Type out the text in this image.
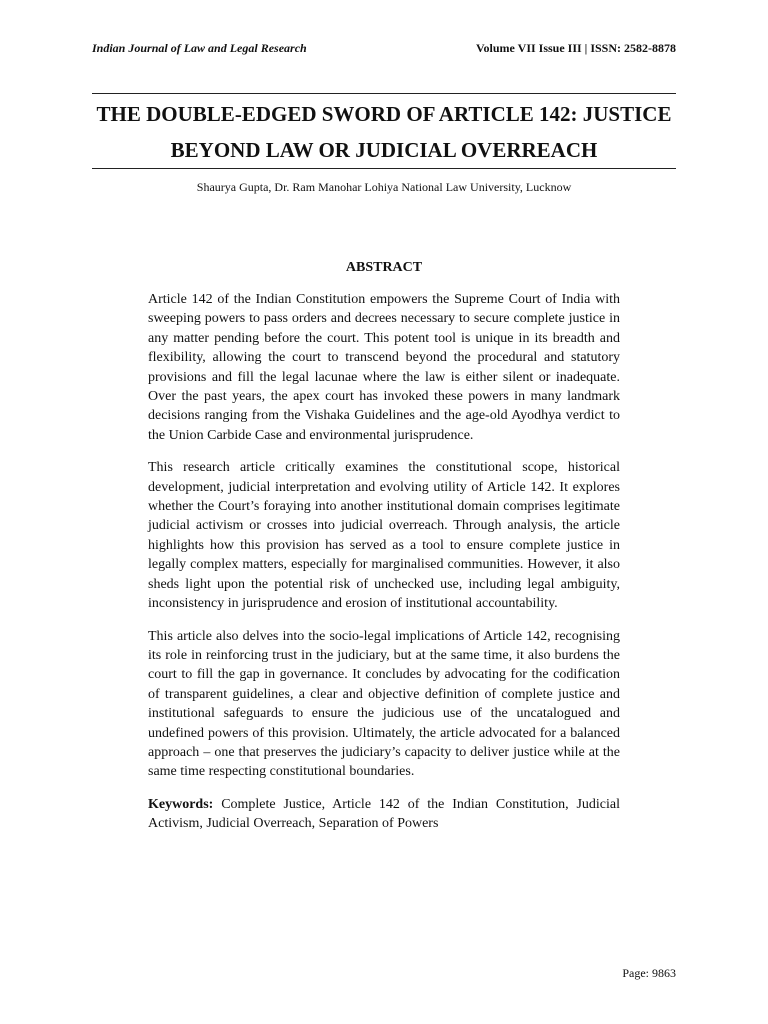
Indian Journal of Law and Legal Research	Volume VII Issue III | ISSN: 2582-8878
THE DOUBLE-EDGED SWORD OF ARTICLE 142: JUSTICE
BEYOND LAW OR JUDICIAL OVERREACH
Shaurya Gupta, Dr. Ram Manohar Lohiya National Law University, Lucknow
ABSTRACT

Article 142 of the Indian Constitution empowers the Supreme Court of India with sweeping powers to pass orders and decrees necessary to secure complete justice in any matter pending before the court. This potent tool is unique in its breadth and flexibility, allowing the court to transcend beyond the procedural and statutory provisions and fill the legal lacunae where the law is either silent or inadequate. Over the past years, the apex court has invoked these powers in many landmark decisions ranging from the Vishaka Guidelines and the age-old Ayodhya verdict to the Union Carbide Case and environmental jurisprudence.

This research article critically examines the constitutional scope, historical development, judicial interpretation and evolving utility of Article 142. It explores whether the Court’s foraying into another institutional domain comprises legitimate judicial activism or crosses into judicial overreach. Through analysis, the article highlights how this provision has served as a tool to ensure complete justice in legally complex matters, especially for marginalised communities. However, it also sheds light upon the potential risk of unchecked use, including legal ambiguity, inconsistency in jurisprudence and erosion of institutional accountability.

This article also delves into the socio-legal implications of Article 142, recognising its role in reinforcing trust in the judiciary, but at the same time, it also burdens the court to fill the gap in governance. It concludes by advocating for the codification of transparent guidelines, a clear and objective definition of complete justice and institutional safeguards to ensure the judicious use of the uncatalogued and undefined powers of this provision. Ultimately, the article advocated for a balanced approach – one that preserves the judiciary’s capacity to deliver justice while at the same time respecting constitutional boundaries.

Keywords: Complete Justice, Article 142 of the Indian Constitution, Judicial Activism, Judicial Overreach, Separation of Powers

Page: 9863
